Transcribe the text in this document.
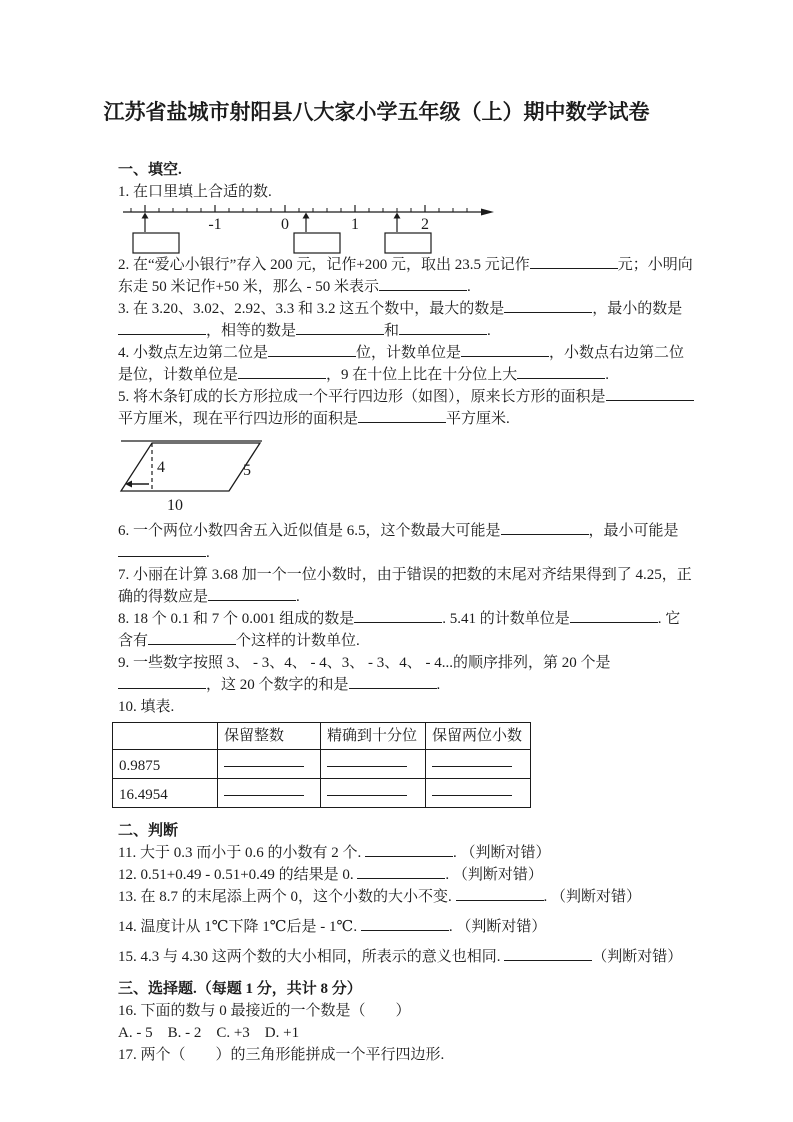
江苏省盐城市射阳县八大家小学五年级（上）期中数学试卷
一、填空.
1. 在口里填上合适的数.
-1	0	1	2
2. 在“爱心小银行”存入 200 元，记作+200 元，取出 23.5 元记作	元；小明向东走 50 米记作+50 米，那么 - 50 米表示	.
3. 在 3.20、3.02、2.92、3.3 和 3.2 这五个数中，最大的数是	，最小的数是，相等的数是	和	.
4. 小数点左边第二位是	位，计数单位是	，小数点右边第二位是位，计数单位是	，9 在十位上比在十分位上大	.
5. 将木条钉成的长方形拉成一个平行四边形（如图），原来长方形的面积是平方厘米，现在平行四边形的面积是	平方厘米.
4	5
10
6. 一个两位小数四舍五入近似值是 6.5，这个数最大可能是	，最小可能是.
7. 小丽在计算 3.68 加一个一位小数时，由于错误的把数的末尾对齐结果得到了 4.25，正确的得数应是	.
8. 18 个 0.1 和 7 个 0.001 组成的数是	. 5.41 的计数单位是	. 它含有	个这样的计数单位.
9. 一些数字按照 3、 - 3、4、 - 4、3、 - 3、4、 - 4...的顺序排列，第 20 个是，这 20 个数字的和是	.
10. 填表.
	保留整数	精确到十分位	保留两位小数
0.9875			
16.4954			
二、判断
11. 大于 0.3 而小于 0.6 的小数有 2 个.	. （判断对错）
12. 0.51+0.49 - 0.51+0.49 的结果是 0.	. （判断对错）
13. 在 8.7 的末尾添上两个 0，这个小数的大小不变.	. （判断对错）
14. 温度计从 1℃下降 1℃后是 - 1℃.	. （判断对错）
15. 4.3 与 4.30 这两个数的大小相同，所表示的意义也相同.	（判断对错）
三、选择题.（每题 1 分，共计 8 分）
16. 下面的数与 0 最接近的一个数是（　　）
A. - 5　B. - 2　C. +3　D. +1
17. 两个（　　）的三角形能拼成一个平行四边形.
